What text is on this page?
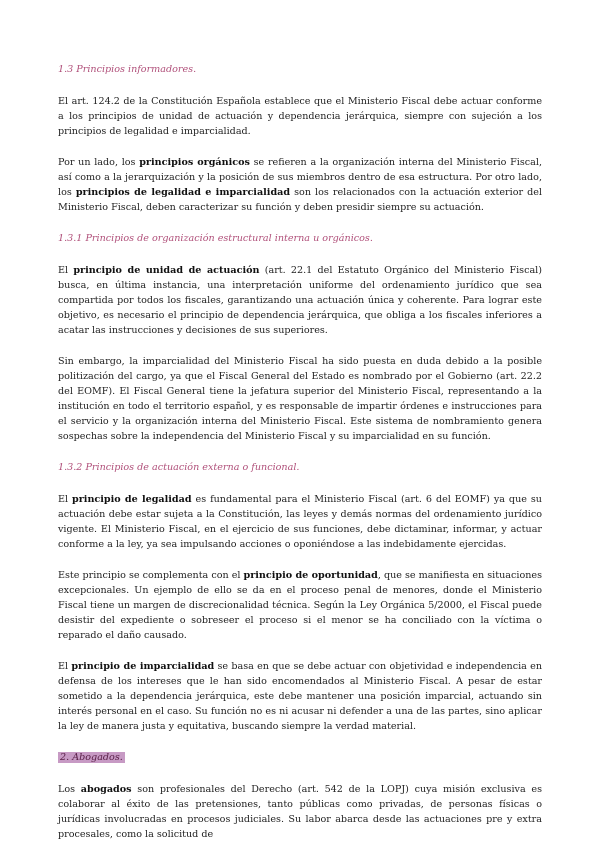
1.3 Principios informadores.

El art. 124.2 de la Constitución Española establece que el Ministerio Fiscal debe actuar conforme a los principios de unidad de actuación y dependencia jerárquica, siempre con sujeción a los principios de legalidad e imparcialidad.

Por un lado, los principios orgánicos se refieren a la organización interna del Ministerio Fiscal, así como a la jerarquización y la posición de sus miembros dentro de esa estructura. Por otro lado, los principios de legalidad e imparcialidad son los relacionados con la actuación exterior del Ministerio Fiscal, deben caracterizar su función y deben presidir siempre su actuación.

1.3.1 Principios de organización estructural interna u orgánicos.

El principio de unidad de actuación (art. 22.1 del Estatuto Orgánico del Ministerio Fiscal) busca, en última instancia, una interpretación uniforme del ordenamiento jurídico que sea compartida por todos los fiscales, garantizando una actuación única y coherente. Para lograr este objetivo, es necesario el principio de dependencia jerárquica, que obliga a los fiscales inferiores a acatar las instrucciones y decisiones de sus superiores.

Sin embargo, la imparcialidad del Ministerio Fiscal ha sido puesta en duda debido a la posible politización del cargo, ya que el Fiscal General del Estado es nombrado por el Gobierno (art. 22.2 del EOMF). El Fiscal General tiene la jefatura superior del Ministerio Fiscal, representando a la institución en todo el territorio español, y es responsable de impartir órdenes e instrucciones para el servicio y la organización interna del Ministerio Fiscal. Este sistema de nombramiento genera sospechas sobre la independencia del Ministerio Fiscal y su imparcialidad en su función.

1.3.2 Principios de actuación externa o funcional.

El principio de legalidad es fundamental para el Ministerio Fiscal (art. 6 del EOMF) ya que su actuación debe estar sujeta a la Constitución, las leyes y demás normas del ordenamiento jurídico vigente. El Ministerio Fiscal, en el ejercicio de sus funciones, debe dictaminar, informar, y actuar conforme a la ley, ya sea impulsando acciones o oponiéndose a las indebidamente ejercidas.

Este principio se complementa con el principio de oportunidad, que se manifiesta en situaciones excepcionales. Un ejemplo de ello se da en el proceso penal de menores, donde el Ministerio Fiscal tiene un margen de discrecionalidad técnica. Según la Ley Orgánica 5/2000, el Fiscal puede desistir del expediente o sobreseer el proceso si el menor se ha conciliado con la víctima o reparado el daño causado.

El principio de imparcialidad se basa en que se debe actuar con objetividad e independencia en defensa de los intereses que le han sido encomendados al Ministerio Fiscal. A pesar de estar sometido a la dependencia jerárquica, este debe mantener una posición imparcial, actuando sin interés personal en el caso. Su función no es ni acusar ni defender a una de las partes, sino aplicar la ley de manera justa y equitativa, buscando siempre la verdad material.

2. Abogados.

Los abogados son profesionales del Derecho (art. 542 de la LOPJ) cuya misión exclusiva es colaborar al éxito de las pretensiones, tanto públicas como privadas, de personas físicas o jurídicas involucradas en procesos judiciales. Su labor abarca desde las actuaciones pre y extra procesales, como la solicitud de
